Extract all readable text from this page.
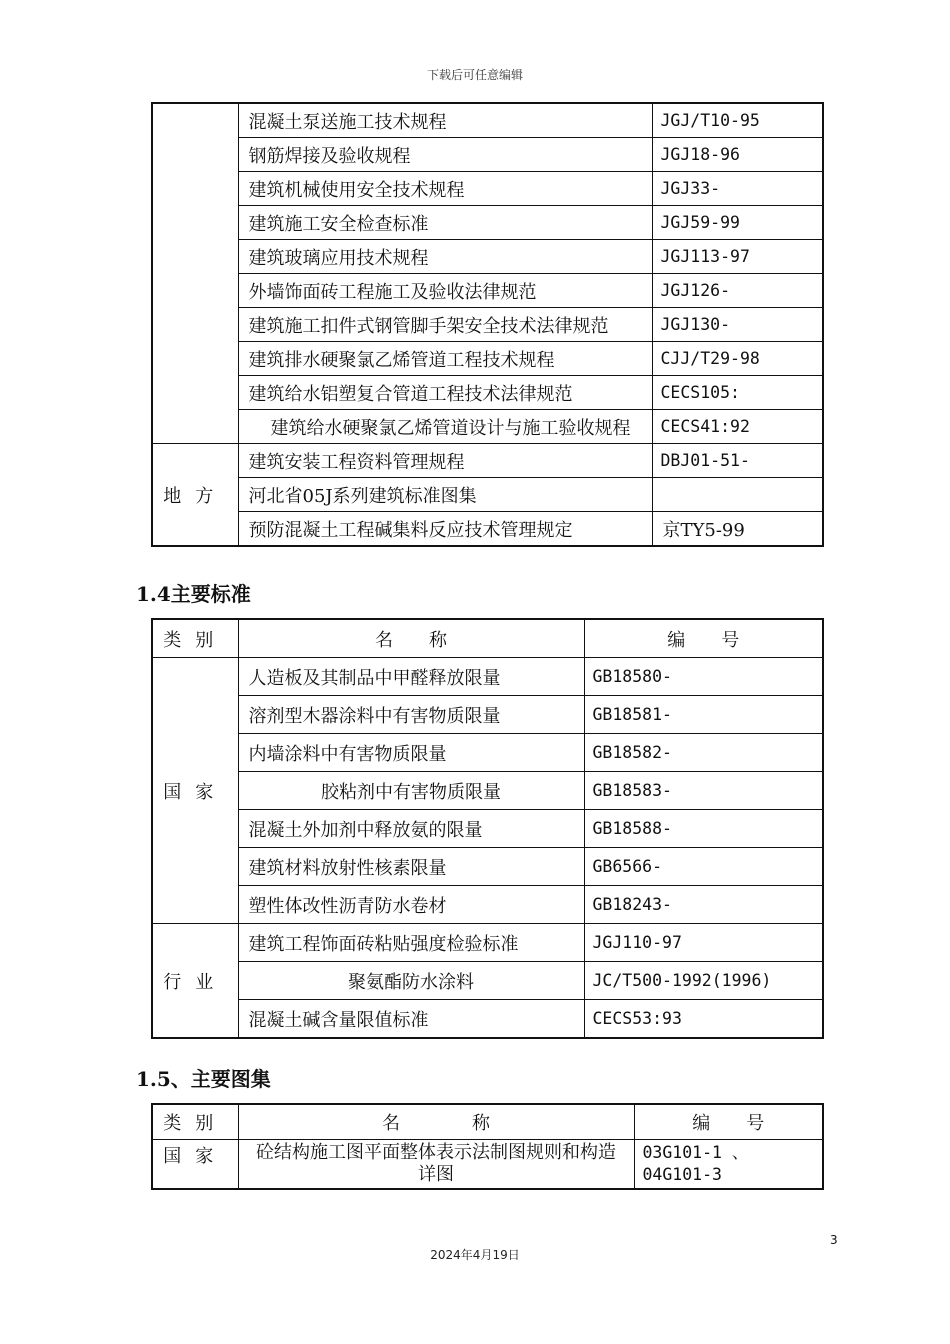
下载后可任意编辑
	混凝土泵送施工技术规程	JGJ/T10-95
	钢筋焊接及验收规程	JGJ18-96
	建筑机械使用安全技术规程	JGJ33-
	建筑施工安全检查标准	JGJ59-99
	建筑玻璃应用技术规程	JGJ113-97
	外墙饰面砖工程施工及验收法律规范	JGJ126-
	建筑施工扣件式钢管脚手架安全技术法律规范	JGJ130-
	建筑排水硬聚氯乙烯管道工程技术规程	CJJ/T29-98
	建筑给水铝塑复合管道工程技术法律规范	CECS105:
	建筑给水硬聚氯乙烯管道设计与施工验收规程	CECS41:92
地方	建筑安装工程资料管理规程	DBJ01-51-
	河北省05J系列建筑标准图集	
	预防混凝土工程碱集料反应技术管理规定	京TY5-99
1.4主要标准
类别	名　　称	编　　号
国家	人造板及其制品中甲醛释放限量	GB18580-
	溶剂型木器涂料中有害物质限量	GB18581-
	内墙涂料中有害物质限量	GB18582-
	胶粘剂中有害物质限量	GB18583-
	混凝土外加剂中释放氨的限量	GB18588-
	建筑材料放射性核素限量	GB6566-
	塑性体改性沥青防水卷材	GB18243-
行业	建筑工程饰面砖粘贴强度检验标准	JGJ110-97
	聚氨酯防水涂料	JC/T500-1992(1996)
	混凝土碱含量限值标准	CECS53:93
1.5、主要图集
类别	名　　　　称	编　　号
国家	砼结构施工图平面整体表示法制图规则和构造详图	03G101-1 、 04G101-3
3
2024年4月19日
